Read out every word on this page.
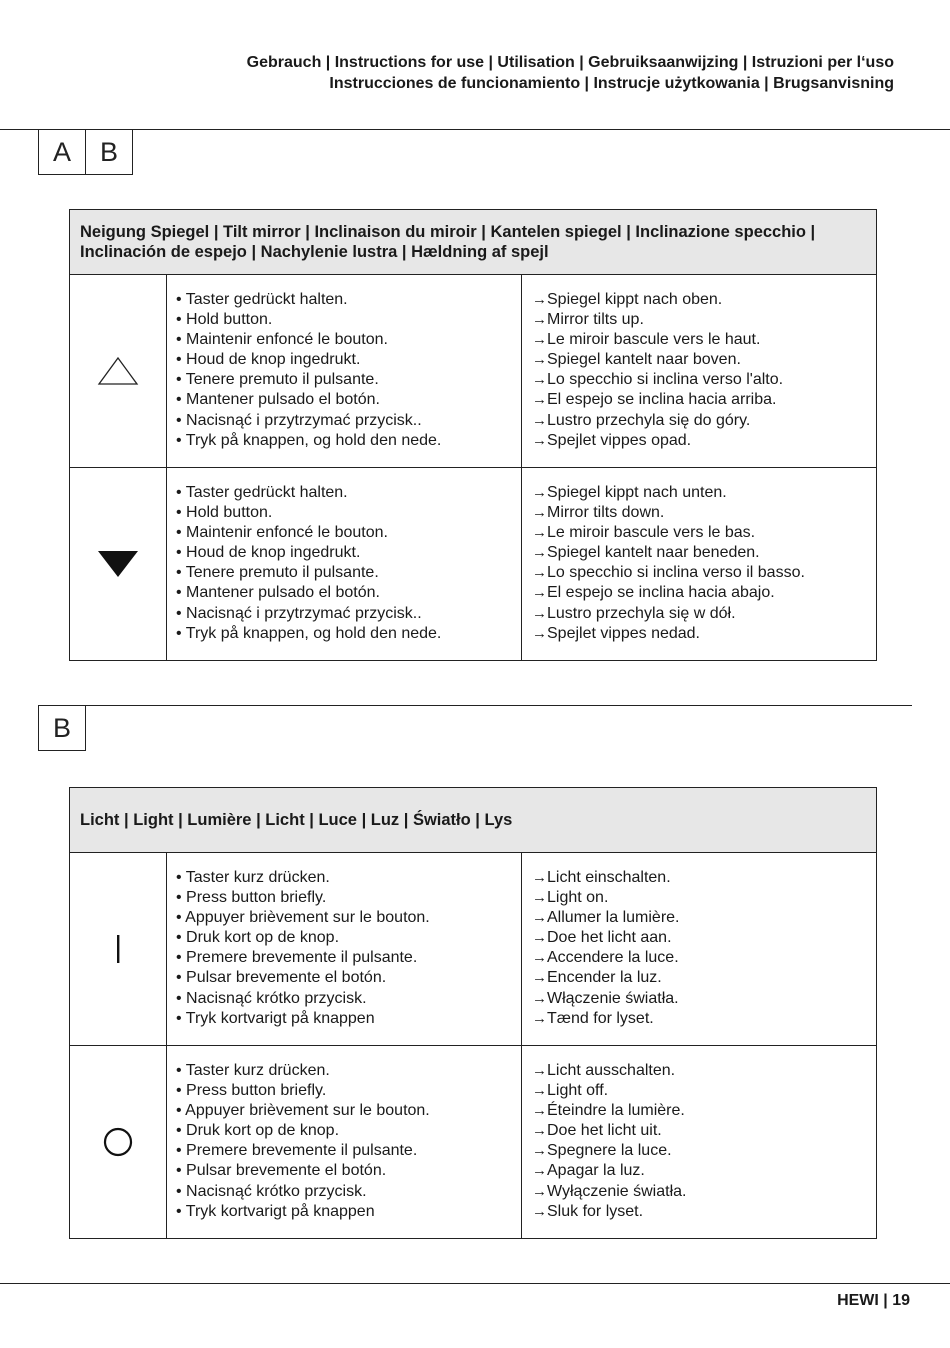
Gebrauch | Instructions for use | Utilisation | Gebruiksaanwijzing | Istruzioni per l‘uso
Instrucciones de funcionamiento | Instrucje użytkowania | Brugsanvisning
A	B
Neigung Spiegel | Tilt mirror | Inclinaison du miroir | Kantelen spiegel | Inclinazione specchio | Inclinación de espejo | Nachylenie lustra | Hældning af spejl
• Taster gedrückt halten.
• Hold button.
• Maintenir enfoncé le bouton.
• Houd de knop ingedrukt.
• Tenere premuto il pulsante.
• Mantener pulsado el botón.
• Nacisnąć i przytrzymać przycisk..
• Tryk på knappen, og hold den nede.
→Spiegel kippt nach oben.
→Mirror tilts up.
→Le miroir bascule vers le haut.
→Spiegel kantelt naar boven.
→Lo specchio si inclina verso l'alto.
→El espejo se inclina hacia arriba.
→Lustro przechyla się do góry.
→Spejlet vippes opad.
• Taster gedrückt halten.
• Hold button.
• Maintenir enfoncé le bouton.
• Houd de knop ingedrukt.
• Tenere premuto il pulsante.
• Mantener pulsado el botón.
• Nacisnąć i przytrzymać przycisk..
• Tryk på knappen, og hold den nede.
→Spiegel kippt nach unten.
→Mirror tilts down.
→Le miroir bascule vers le bas.
→Spiegel kantelt naar beneden.
→Lo specchio si inclina verso il basso.
→El espejo se inclina hacia abajo.
→Lustro przechyla się w dół.
→Spejlet vippes nedad.
B
Licht | Light | Lumière | Licht | Luce | Luz | Światło | Lys
• Taster kurz drücken.
• Press button briefly.
• Appuyer brièvement sur le bouton.
• Druk kort op de knop.
• Premere brevemente il pulsante.
• Pulsar brevemente el botón.
• Nacisnąć krótko przycisk.
• Tryk kortvarigt på knappen
→Licht einschalten.
→Light on.
→Allumer la lumière.
→Doe het licht aan.
→Accendere la luce.
→Encender la luz.
→Włączenie światła.
→Tænd for lyset.
• Taster kurz drücken.
• Press button briefly.
• Appuyer brièvement sur le bouton.
• Druk kort op de knop.
• Premere brevemente il pulsante.
• Pulsar brevemente el botón.
• Nacisnąć krótko przycisk.
• Tryk kortvarigt på knappen
→Licht ausschalten.
→Light off.
→Éteindre la lumière.
→Doe het licht uit.
→Spegnere la luce.
→Apagar la luz.
→Wyłączenie światła.
→Sluk for lyset.
HEWI | 19
